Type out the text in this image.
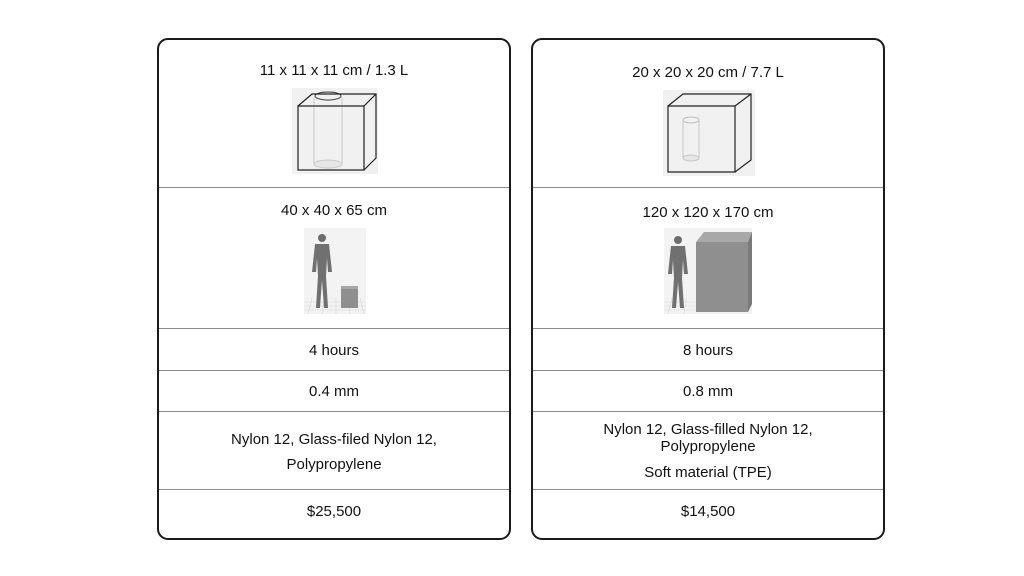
11 x 11 x 11 cm / 1.3 L
40 x 40 x 65 cm
4 hours
0.4 mm
Nylon 12, Glass-filed Nylon 12,
Polypropylene
$25,500
20 x 20 x 20 cm / 7.7 L
120 x 120 x 170 cm
8 hours
0.8 mm
Nylon 12, Glass-filled Nylon 12,
Polypropylene
Soft material (TPE)
$14,500
